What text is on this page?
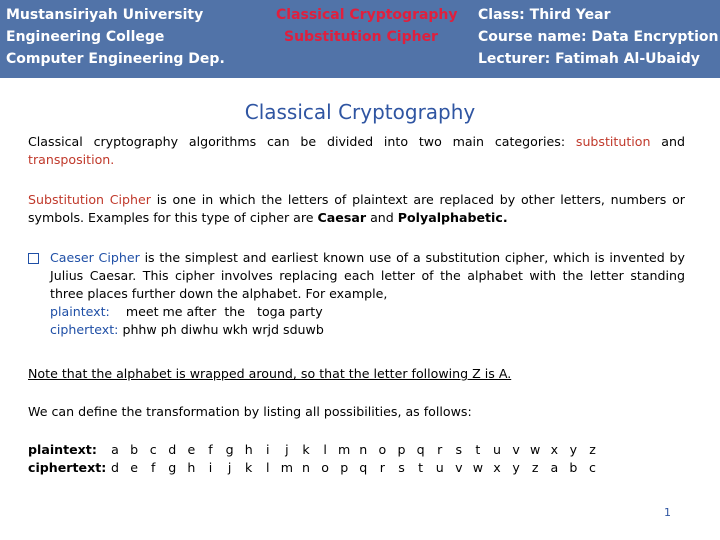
Mustansiriyah University
Engineering College
Computer Engineering Dep.
Classical Cryptography
Substitution Cipher
Class: Third Year
Course name: Data Encryption
Lecturer: Fatimah Al-Ubaidy
Classical Cryptography
Classical cryptography algorithms can be divided into two main categories: substitution and transposition.
Substitution Cipher is one in which the letters of plaintext are replaced by other letters, numbers or symbols. Examples for this type of cipher are Caesar and Polyalphabetic.
Caeser Cipher is the simplest and earliest known use of a substitution cipher, which is invented by Julius Caesar. This cipher involves replacing each letter of the alphabet with the letter standing three places further down the alphabet. For example,
plaintext: meet me after  the   toga party
ciphertext: phhw ph diwhu wkh wrjd sduwb
Note that the alphabet is wrapped around, so that the letter following Z is A.
We can define the transformation by listing all possibilities, as follows:
plaintext: a b c d e	f	g h	i	j	k	l m n o p q r	s	t	u v w x y z
ciphertext: d e	f	g h	i	j	k	l m n o p q r	s	t	u v w x y z a b c
1
